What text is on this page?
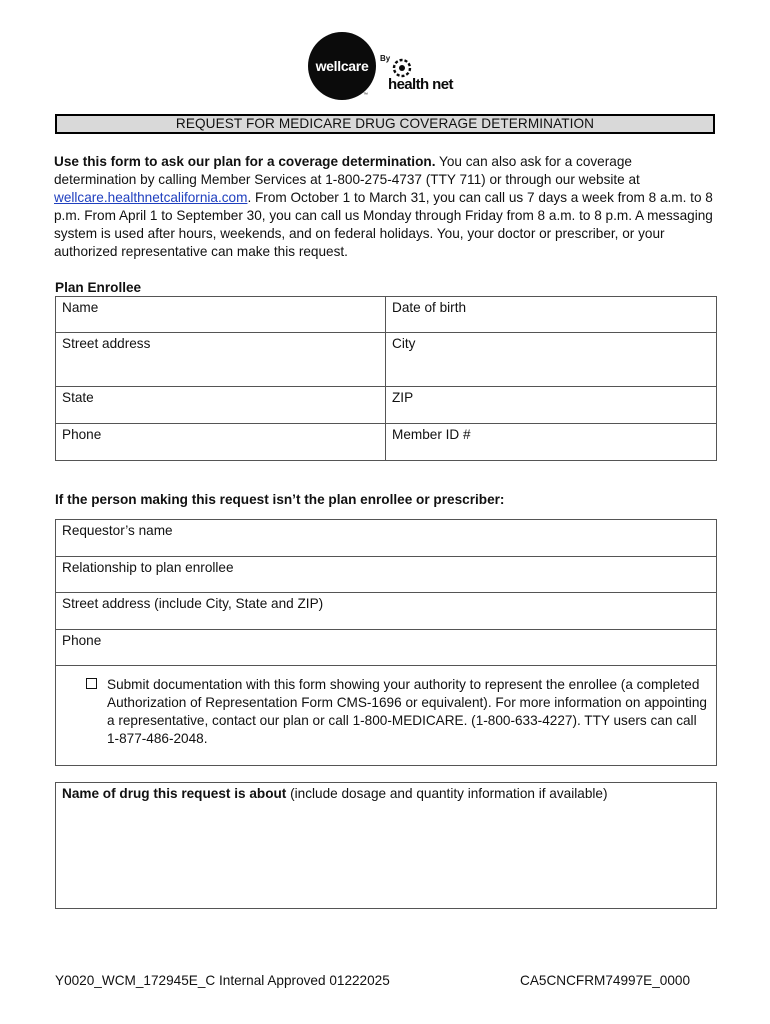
wellcare
™
By
health net
REQUEST FOR MEDICARE DRUG COVERAGE DETERMINATION
Use this form to ask our plan for a coverage determination. You can also ask for a coverage determination by calling Member Services at 1-800-275-4737 (TTY 711) or through our website at wellcare.healthnetcalifornia.com. From October 1 to March 31, you can call us 7 days a week from 8 a.m. to 8 p.m. From April 1 to September 30, you can call us Monday through Friday from 8 a.m. to 8 p.m. A messaging system is used after hours, weekends, and on federal holidays. You, your doctor or prescriber, or your authorized representative can make this request.
Plan Enrollee
Name	Date of birth
Street address	City
State	ZIP
Phone	Member ID #
If the person making this request isn’t the plan enrollee or prescriber:
Requestor’s name
Relationship to plan enrollee
Street address (include City, State and ZIP)
Phone

Submit documentation with this form showing your authority to represent the enrollee (a completed Authorization of Representation Form CMS-1696 or equivalent). For more information on appointing a representative, contact our plan or call 1-800-MEDICARE. (1-800-633-4227). TTY users can call 1-877-486-2048.
Name of drug this request is about (include dosage and quantity information if available)
Y0020_WCM_172945E_C Internal Approved 01222025	CA5CNCFRM74997E_0000
